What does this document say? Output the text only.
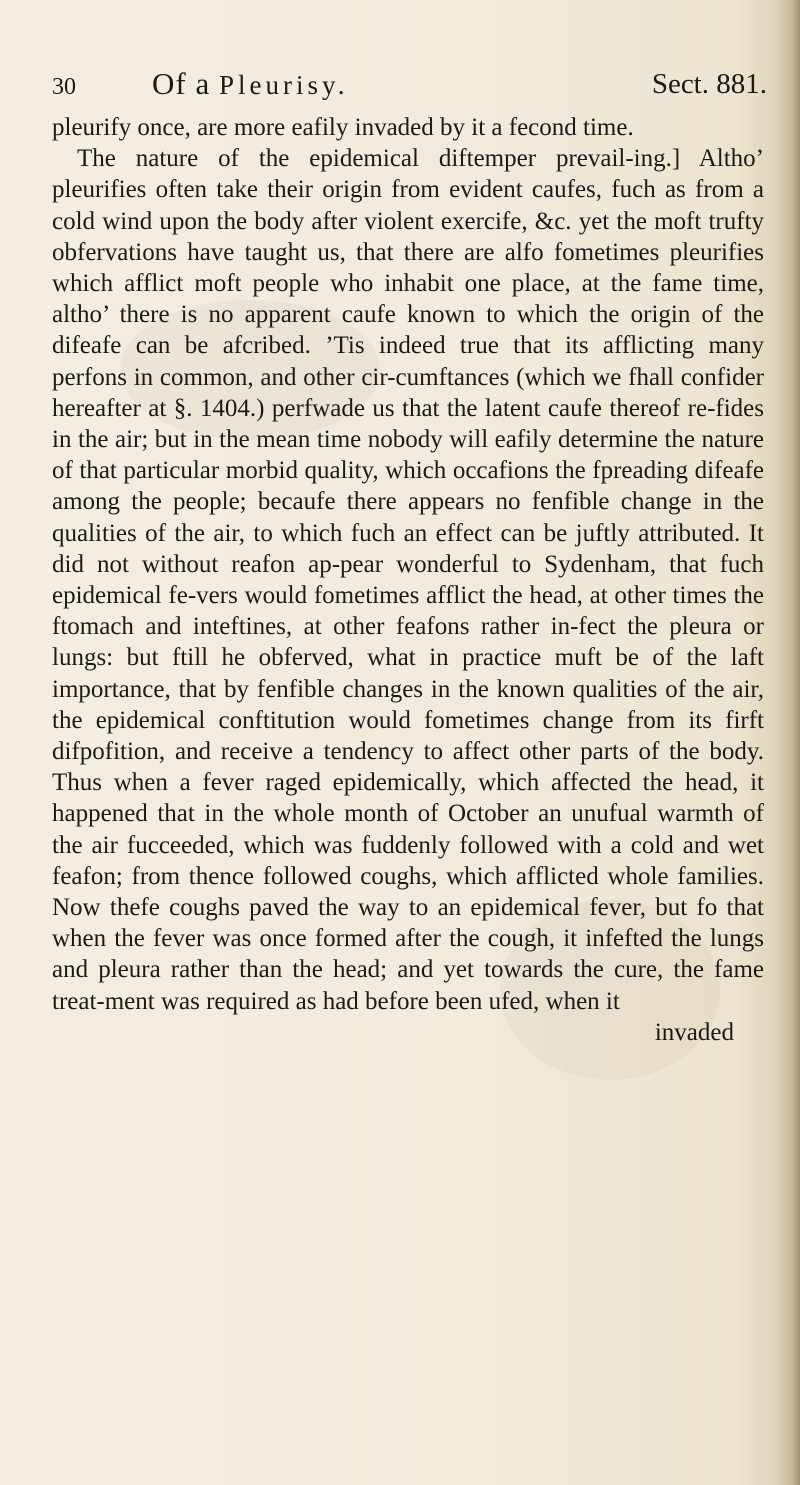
30 Of a Pleurisy.	Sect. 881.

pleurify once, are more eafily invaded by it a fecond time.

The nature of the epidemical diftemper prevail-ing.] Altho’ pleurifies often take their origin from evident caufes, fuch as from a cold wind upon the body after violent exercife, &c. yet the moft trufty obfervations have taught us, that there are alfo fometimes pleurifies which afflict moft people who inhabit one place, at the fame time, altho’ there is no apparent caufe known to which the origin of the difeafe can be afcribed. ’Tis indeed true that its afflicting many perfons in common, and other cir-cumftances (which we fhall confider hereafter at §. 1404.) perfwade us that the latent caufe thereof re-fides in the air; but in the mean time nobody will eafily determine the nature of that particular morbid quality, which occafions the fpreading difeafe among the people; becaufe there appears no fenfible change in the qualities of the air, to which fuch an effect can be juftly attributed. It did not without reafon ap-pear wonderful to Sydenham, that fuch epidemical fe-vers would fometimes afflict the head, at other times the ftomach and inteftines, at other feafons rather in-fect the pleura or lungs: but ftill he obferved, what in practice muft be of the laft importance, that by fenfible changes in the known qualities of the air, the epidemical conftitution would fometimes change from its firft difpofition, and receive a tendency to affect other parts of the body. Thus when a fever raged epidemically, which affected the head, it happened that in the whole month of October an unufual warmth of the air fucceeded, which was fuddenly followed with a cold and wet feafon; from thence followed coughs, which afflicted whole families. Now thefe coughs paved the way to an epidemical fever, but fo that when the fever was once formed after the cough, it infefted the lungs and pleura rather than the head; and yet towards the cure, the fame treat-ment was required as had before been ufed, when it

invaded
